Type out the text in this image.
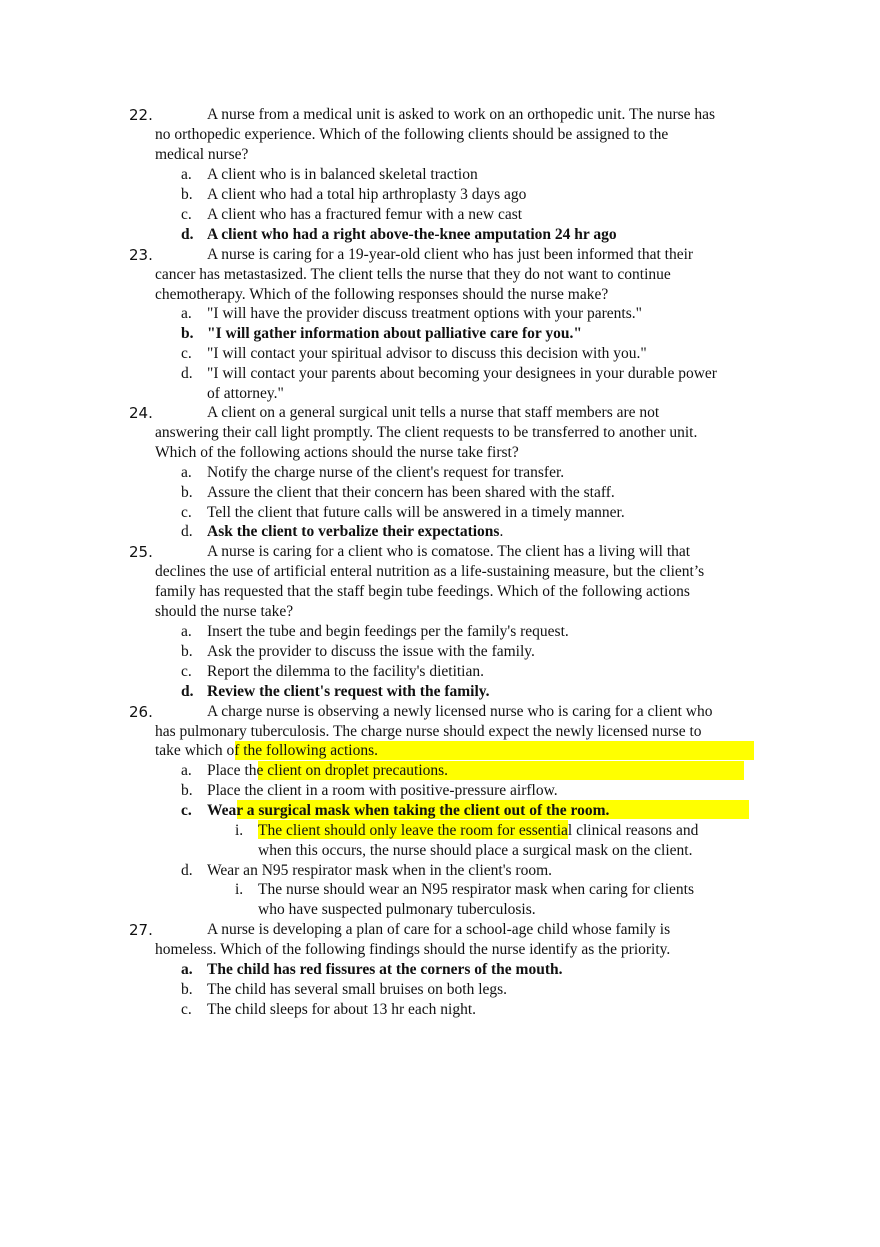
22.	A nurse from a medical unit is asked to work on an orthopedic unit. The nurse has
no orthopedic experience. Which of the following clients should be assigned to the
medical nurse?
a. A client who is in balanced skeletal traction
b. A client who had a total hip arthroplasty 3 days ago
c. A client who has a fractured femur with a new cast
d. A client who had a right above-the-knee amputation 24 hr ago
23.	A nurse is caring for a 19-year-old client who has just been informed that their
cancer has metastasized. The client tells the nurse that they do not want to continue
chemotherapy. Which of the following responses should the nurse make?
a. "I will have the provider discuss treatment options with your parents."
b. "I will gather information about palliative care for you."
c. "I will contact your spiritual advisor to discuss this decision with you."
d. "I will contact your parents about becoming your designees in your durable power
of attorney."
24.	A client on a general surgical unit tells a nurse that staff members are not
answering their call light promptly. The client requests to be transferred to another unit.
Which of the following actions should the nurse take first?
a. Notify the charge nurse of the client's request for transfer.
b. Assure the client that their concern has been shared with the staff.
c. Tell the client that future calls will be answered in a timely manner.
d. Ask the client to verbalize their expectations.
25.	A nurse is caring for a client who is comatose. The client has a living will that
declines the use of artificial enteral nutrition as a life-sustaining measure, but the client’s
family has requested that the staff begin tube feedings. Which of the following actions
should the nurse take?
a. Insert the tube and begin feedings per the family's request.
b. Ask the provider to discuss the issue with the family.
c. Report the dilemma to the facility's dietitian.
d. Review the client's request with the family.
26.	A charge nurse is observing a newly licensed nurse who is caring for a client who
has pulmonary tuberculosis. The charge nurse should expect the newly licensed nurse to
take which of the following actions.
a. Place the client on droplet precautions.
b. Place the client in a room with positive-pressure airflow.
c. Wear a surgical mask when taking the client out of the room.
i. The client should only leave the room for essential clinical reasons and
when this occurs, the nurse should place a surgical mask on the client.
d. Wear an N95 respirator mask when in the client's room.
i. The nurse should wear an N95 respirator mask when caring for clients
who have suspected pulmonary tuberculosis.
27.	A nurse is developing a plan of care for a school-age child whose family is
homeless. Which of the following findings should the nurse identify as the priority.
a. The child has red fissures at the corners of the mouth.
b. The child has several small bruises on both legs.
c. The child sleeps for about 13 hr each night.
